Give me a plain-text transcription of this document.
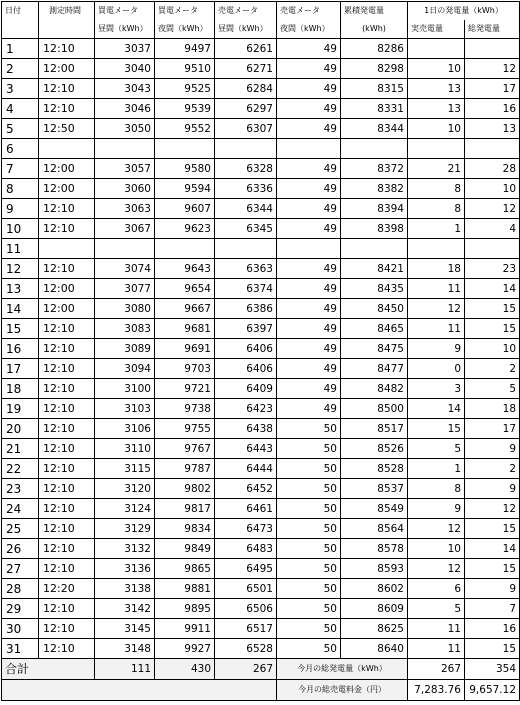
日付	測定時間	買電メータ	買電メータ	売電メータ	売電メータ	累積発電量	1日の発電量（kWh）	
		昼間（kWh）	夜間（kWh）	昼間（kWh）	夜間（kWh）	(kWh)	実売電量	総発電量
1	12:10	3037	9497	6261	49	8286		
2	12:00	3040	9510	6271	49	8298	10	12
3	12:10	3043	9525	6284	49	8315	13	17
4	12:10	3046	9539	6297	49	8331	13	16
5	12:50	3050	9552	6307	49	8344	10	13
6								
7	12:00	3057	9580	6328	49	8372	21	28
8	12:00	3060	9594	6336	49	8382	8	10
9	12:10	3063	9607	6344	49	8394	8	12
10	12:10	3067	9623	6345	49	8398	1	4
11								
12	12:10	3074	9643	6363	49	8421	18	23
13	12:00	3077	9654	6374	49	8435	11	14
14	12:00	3080	9667	6386	49	8450	12	15
15	12:10	3083	9681	6397	49	8465	11	15
16	12:10	3089	9691	6406	49	8475	9	10
17	12:10	3094	9703	6406	49	8477	0	2
18	12:10	3100	9721	6409	49	8482	3	5
19	12:10	3103	9738	6423	49	8500	14	18
20	12:10	3106	9755	6438	50	8517	15	17
21	12:10	3110	9767	6443	50	8526	5	9
22	12:10	3115	9787	6444	50	8528	1	2
23	12:10	3120	9802	6452	50	8537	8	9
24	12:10	3124	9817	6461	50	8549	9	12
25	12:10	3129	9834	6473	50	8564	12	15
26	12:10	3132	9849	6483	50	8578	10	14
27	12:10	3136	9865	6495	50	8593	12	15
28	12:20	3138	9881	6501	50	8602	6	9
29	12:10	3142	9895	6506	50	8609	5	7
30	12:10	3145	9911	6517	50	8625	11	16
31	12:10	3148	9927	6528	50	8640	11	15
合計		111	430	267	今月の総発電量（kWh）		267	354
					今月の総売電料金（円）		7,283.76	9,657.12
